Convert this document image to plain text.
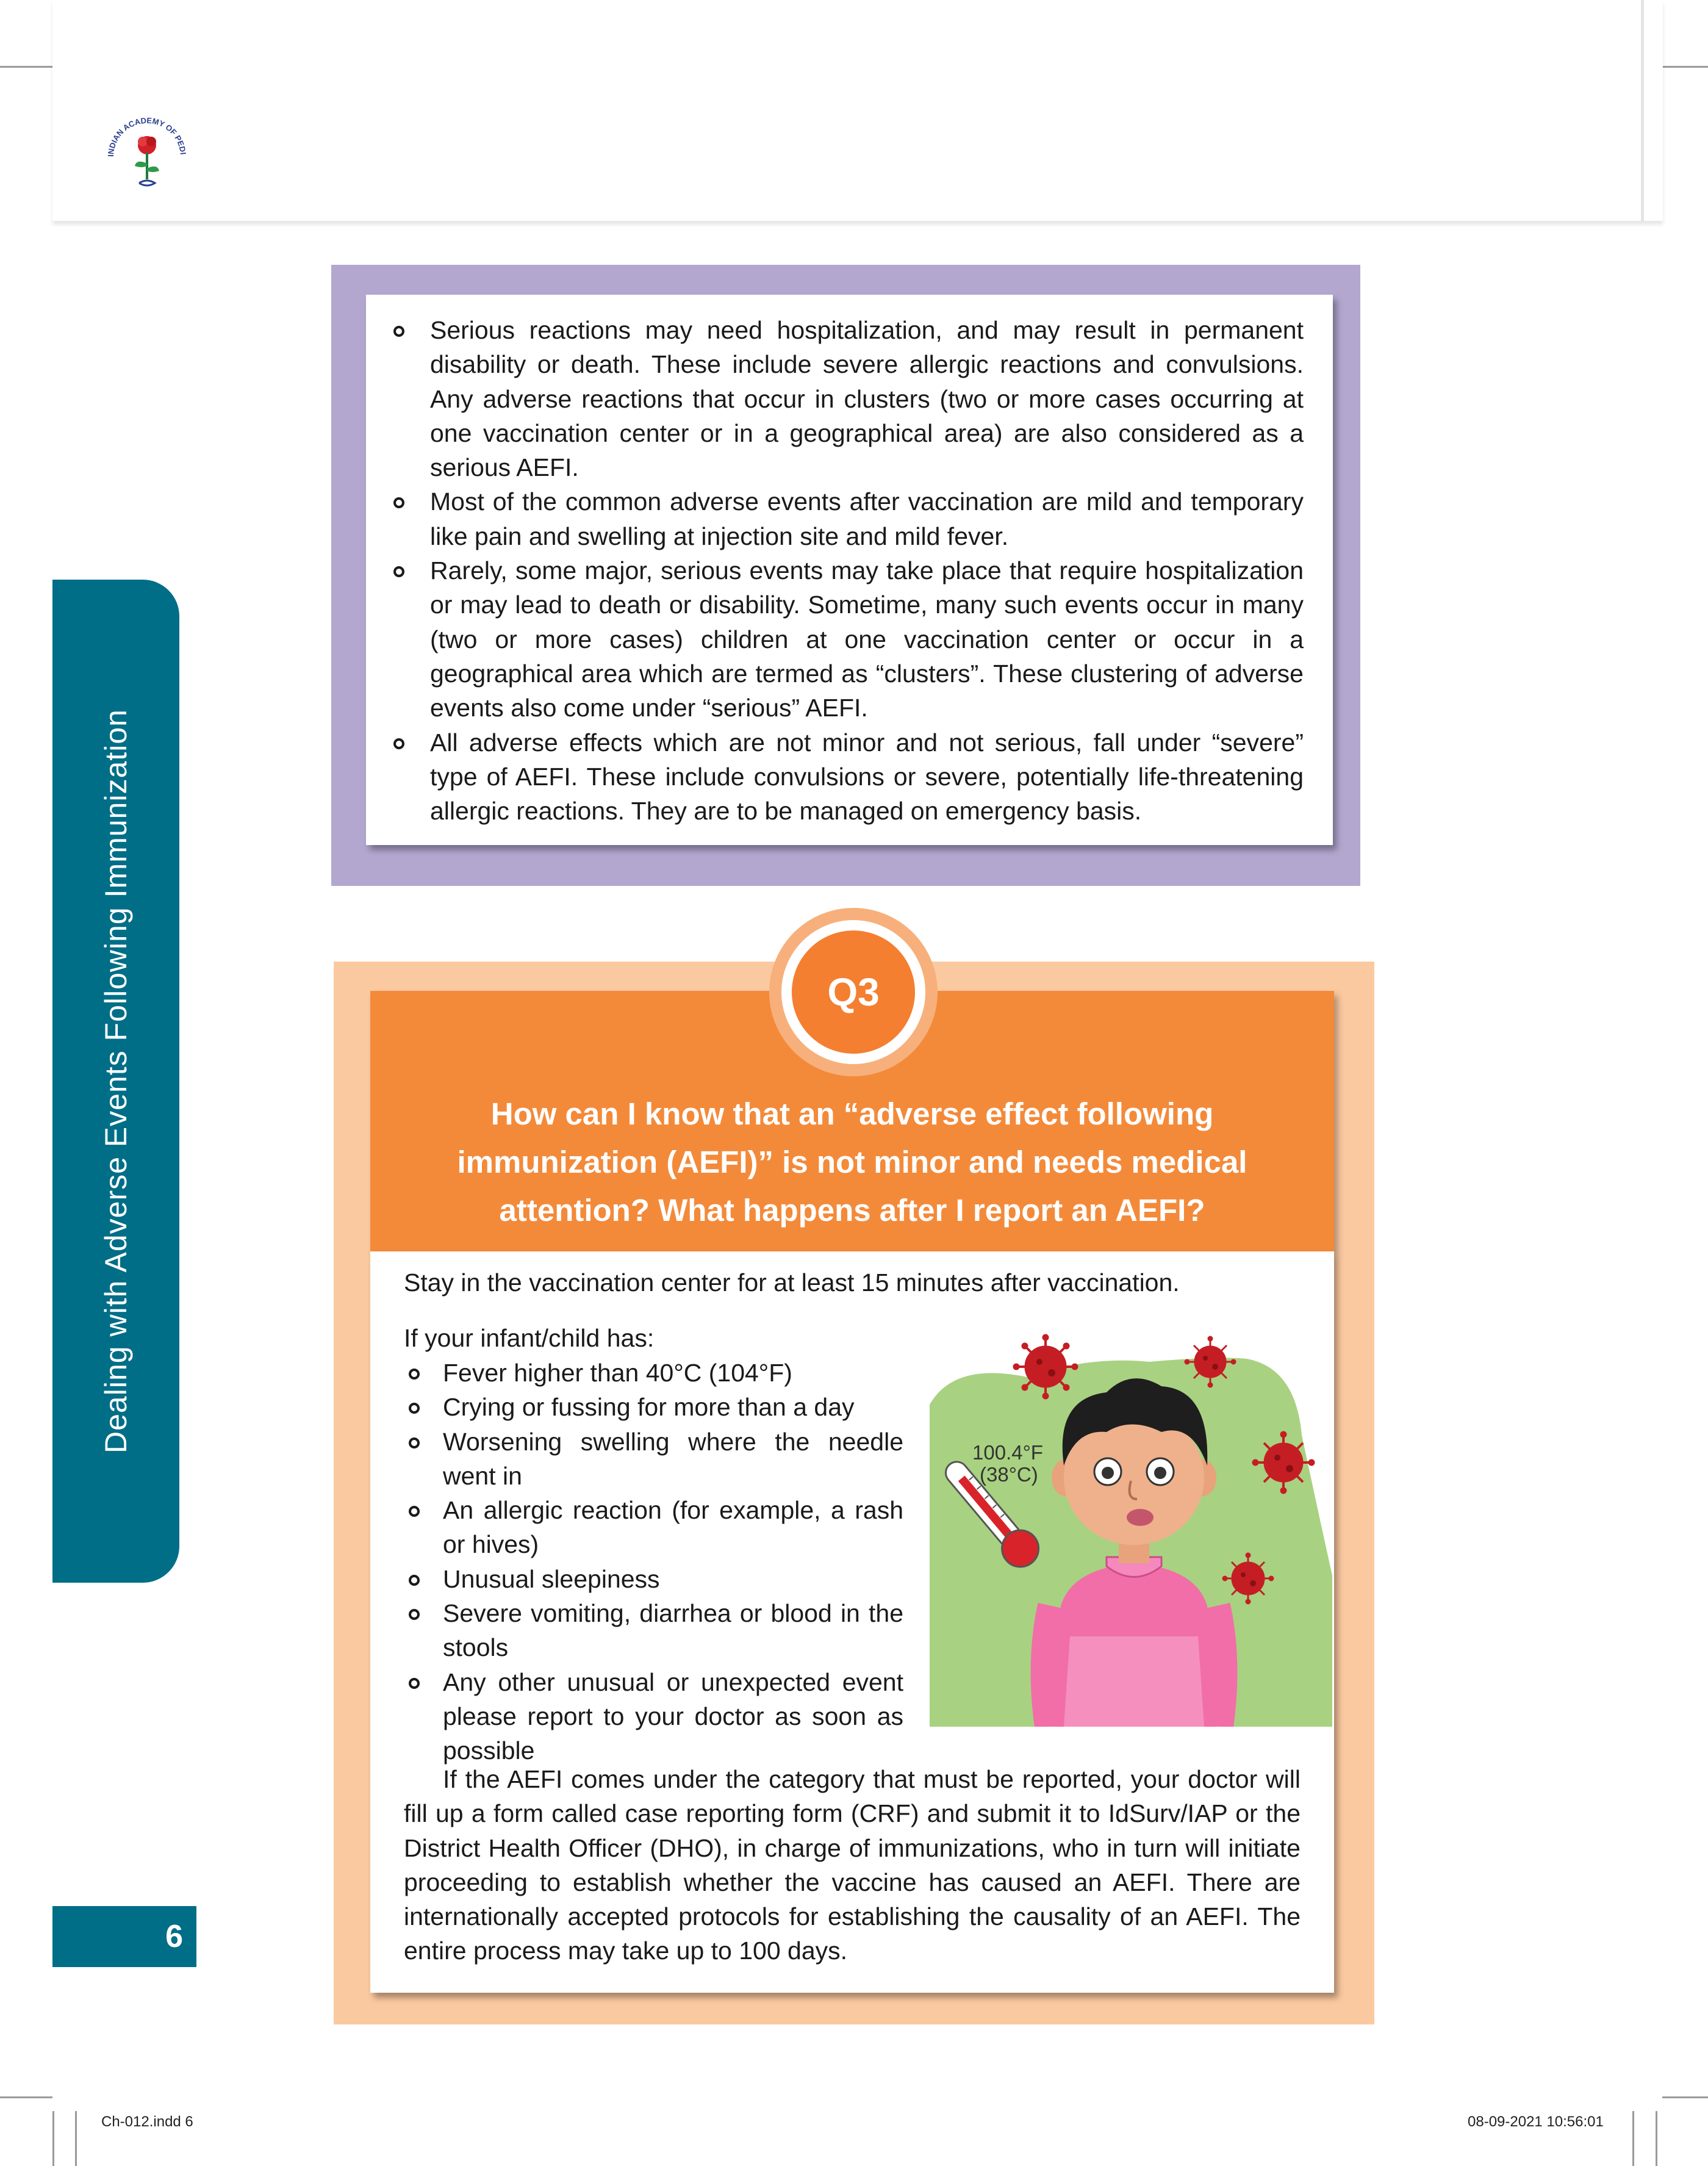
INDIAN ACADEMY OF PEDI
Dealing with Adverse Events Following Immunization
6
Serious reactions may need hospitalization, and may result in permanent disability or death. These include severe allergic reactions and convulsions. Any adverse reactions that occur in clusters (two or more cases occurring at one vaccination center or in a geographical area) are also considered as a serious AEFI.
Most of the common adverse events after vaccination are mild and temporary like pain and swelling at injection site and mild fever.
Rarely, some major, serious events may take place that require hospitalization or may lead to death or disability. Sometime, many such events occur in many (two or more cases) children at one vaccination center or occur in a geographical area which are termed as “clusters”. These clustering of adverse events also come under “serious” AEFI.
All adverse effects which are not minor and not serious, fall under “severe” type of AEFI. These include convulsions or severe, potentially life-threatening allergic reactions. They are to be managed on emergency basis.
How can I know that an “adverse effect following immunization (AEFI)” is not minor and needs medical attention? What happens after I report an AEFI?
Q3
Stay in the vaccination center for at least 15 minutes after vaccination.
If your infant/child has:
Fever higher than 40°C (104°F)
Crying or fussing for more than a day
Worsening swelling where the needle went in
An allergic reaction (for example, a rash or hives)
Unusual sleepiness
Severe vomiting, diarrhea or blood in the stools
Any other unusual or unexpected event please report to your doctor as soon as possible
If the AEFI comes under the category that must be reported, your doctor will fill up a form called case reporting form (CRF) and submit it to IdSurv/IAP or the District Health Officer (DHO), in charge of immunizations, who in turn will initiate proceeding to establish whether the vaccine has caused an AEFI. There are internationally accepted protocols for establishing the causality of an AEFI. The entire process may take up to 100 days.
100.4°F
(38°C)
Ch-012.indd 6	08-09-2021 10:56:01
